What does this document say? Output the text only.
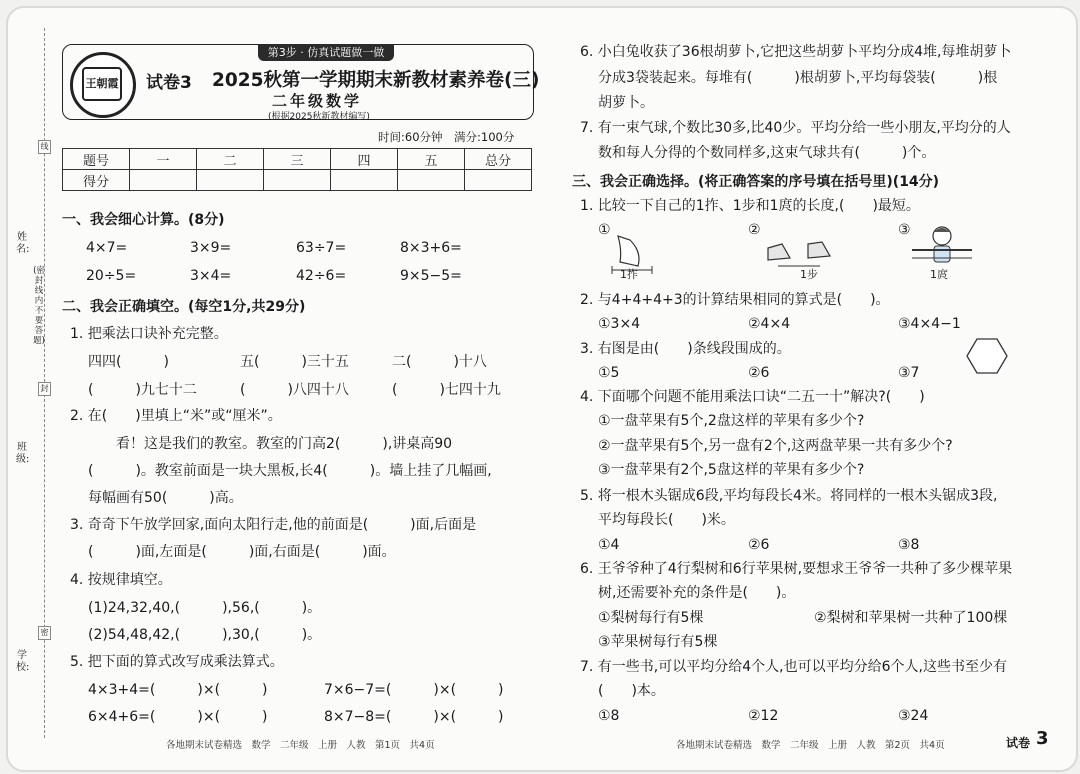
线
封
密
姓名:
班级:
学校:
(密封线内不要答题)
王朝霞
第3步 · 仿真试题做一做
试卷3 2025秋第一学期期末新教材素养卷(三)
二年级数学
(根据2025秋新教材编写)
时间:60分钟　满分:100分
题号	一	二	三	四	五	总分
得分						
一、我会细心计算。(8分)
4×7=	3×9=	63÷7=	8×3+6=
20÷5=	3×4=	42÷6=	9×5−5=
二、我会正确填空。(每空1分,共29分)
1. 把乘法口诀补充完整。
四四(　　　)	五(　　　)三十五	二(　　　)十八
(　　　)九七十二	(　　　)八四十八	(　　　)七四十九
2. 在(　　)里填上“米”或“厘米”。
　　看！这是我们的教室。教室的门高2(　　　),讲桌高90
(　　　)。教室前面是一块大黑板,长4(　　　)。墙上挂了几幅画,
每幅画有50(　　　)高。
3. 奇奇下午放学回家,面向太阳行走,他的前面是(　　　)面,后面是
(　　　)面,左面是(　　　)面,右面是(　　　)面。
4. 按规律填空。
(1)24,32,40,(　　　),56,(　　　)。
(2)54,48,42,(　　　),30,(　　　)。
5. 把下面的算式改写成乘法算式。
4×3+4=(　　　)×(　　　)	7×6−7=(　　　)×(　　　)
6×4+6=(　　　)×(　　　)	8×7−8=(　　　)×(　　　)
各地期末试卷精选　数学　二年级　上册　人教　第1页　共4页
6. 小白兔收获了36根胡萝卜,它把这些胡萝卜平均分成4堆,每堆胡萝卜
分成3袋装起来。每堆有(　　　)根胡萝卜,平均每袋装(　　　)根
胡萝卜。
7. 有一束气球,个数比30多,比40少。平均分给一些小朋友,平均分的人
数和每人分得的个数同样多,这束气球共有(　　　)个。
三、我会正确选择。(将正确答案的序号填在括号里)(14分)
1. 比较一下自己的1拃、1步和1庹的长度,(　　)最短。
①	②	③
1拃	1步	1庹
2. 与4+4+4+3的计算结果相同的算式是(　　)。
①3×4	②4×4	③4×4−1
3. 右图是由(　　)条线段围成的。
①5	②6	③7
4. 下面哪个问题不能用乘法口诀“二五一十”解决?(　　)
①一盘苹果有5个,2盘这样的苹果有多少个?
②一盘苹果有5个,另一盘有2个,这两盘苹果一共有多少个?
③一盘苹果有2个,5盘这样的苹果有多少个?
5. 将一根木头锯成6段,平均每段长4米。将同样的一根木头锯成3段,
平均每段长(　　)米。
①4	②6	③8
6. 王爷爷种了4行梨树和6行苹果树,要想求王爷爷一共种了多少棵苹果
树,还需要补充的条件是(　　)。
①梨树每行有5棵	②梨树和苹果树一共种了100棵
③苹果树每行有5棵
7. 有一些书,可以平均分给4个人,也可以平均分给6个人,这些书至少有
(　　)本。
①8	②12	③24
各地期末试卷精选　数学　二年级　上册　人教　第2页　共4页	试卷 3
